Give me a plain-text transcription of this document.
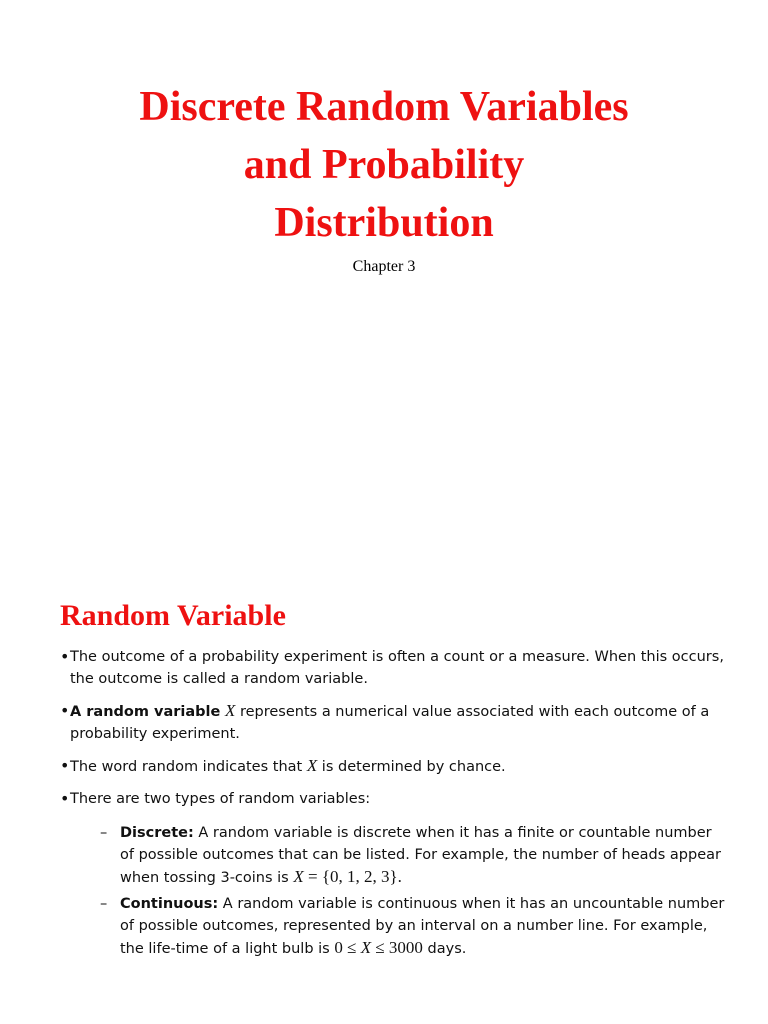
Discrete Random Variables
and Probability
Distribution
Chapter 3
Random Variable
• The outcome of a probability experiment is often a count or a measure. When this occurs, the outcome is called a random variable.
• A random variable X represents a numerical value associated with each outcome of a probability experiment.
• The word random indicates that X is determined by chance.
• There are two types of random variables:
– Discrete: A random variable is discrete when it has a finite or countable number of possible outcomes that can be listed. For example, the number of heads appear when tossing 3-coins is X = {0, 1, 2, 3}.
– Continuous: A random variable is continuous when it has an uncountable number of possible outcomes, represented by an interval on a number line. For example, the life-time of a light bulb is 0 ≤ X ≤ 3000 days.
